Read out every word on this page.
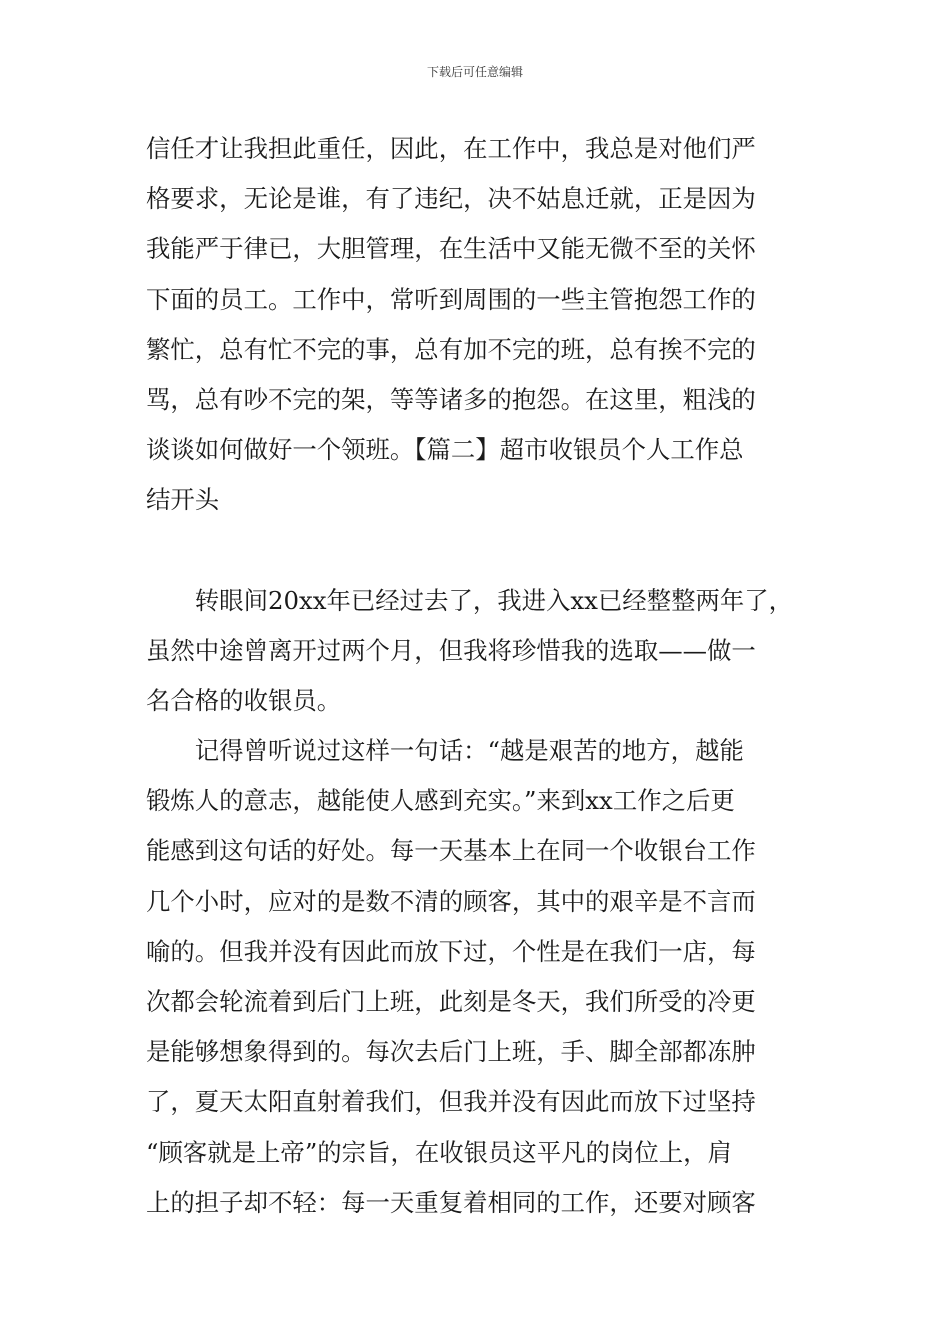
下载后可任意编辑
信任才让我担此重任，因此，在工作中，我总是对他们严
格要求，无论是谁，有了违纪，决不姑息迁就，正是因为
我能严于律已，大胆管理，在生活中又能无微不至的关怀
下面的员工。工作中，常听到周围的一些主管抱怨工作的
繁忙，总有忙不完的事，总有加不完的班，总有挨不完的
骂，总有吵不完的架，等等诸多的抱怨。在这里，粗浅的
谈谈如何做好一个领班。【篇二】超市收银员个人工作总
结开头
　　转眼间20xx年已经过去了，我进入xx已经整整两年了，
虽然中途曾离开过两个月，但我将珍惜我的选取——做一
名合格的收银员。
　　记得曾听说过这样一句话：“越是艰苦的地方，越能
锻炼人的意志，越能使人感到充实。”来到xx工作之后更
能感到这句话的好处。每一天基本上在同一个收银台工作
几个小时，应对的是数不清的顾客，其中的艰辛是不言而
喻的。但我并没有因此而放下过，个性是在我们一店，每
次都会轮流着到后门上班，此刻是冬天，我们所受的冷更
是能够想象得到的。每次去后门上班，手、脚全部都冻肿
了，夏天太阳直射着我们，但我并没有因此而放下过坚持
“顾客就是上帝”的宗旨，在收银员这平凡的岗位上，肩
上的担子却不轻：每一天重复着相同的工作，还要对顾客
